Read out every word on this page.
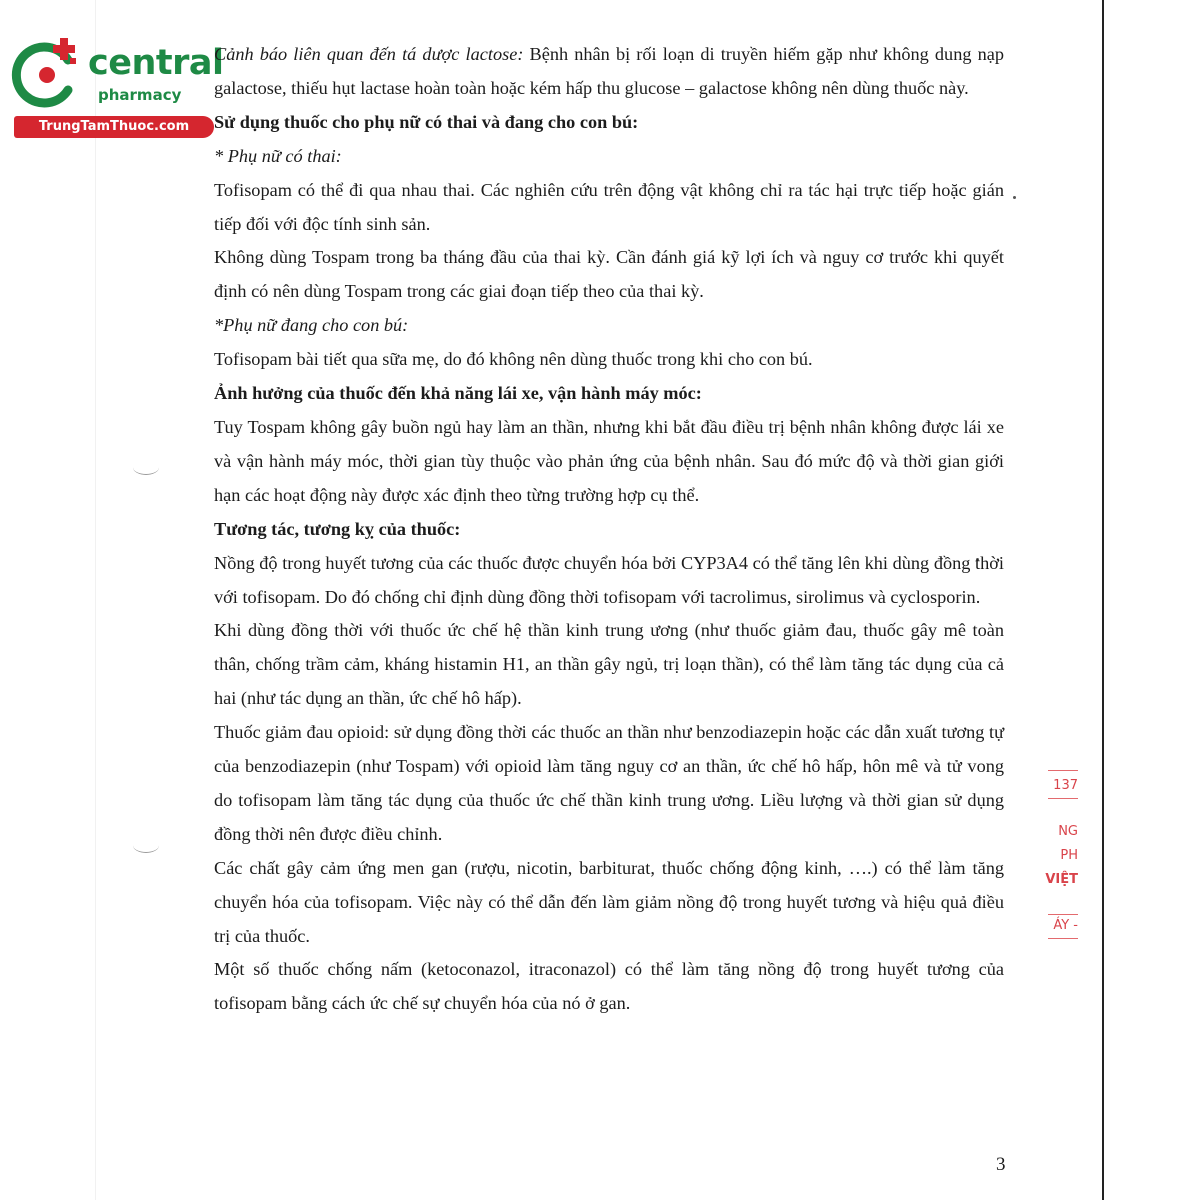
central
pharmacy
TrungTamThuoc.com

Cảnh báo liên quan đến tá dược lactose: Bệnh nhân bị rối loạn di truyền hiếm gặp như không dung nạp galactose, thiếu hụt lactase hoàn toàn hoặc kém hấp thu glucose – galactose không nên dùng thuốc này.

Sử dụng thuốc cho phụ nữ có thai và đang cho con bú:

* Phụ nữ có thai:

Tofisopam có thể đi qua nhau thai. Các nghiên cứu trên động vật không chỉ ra tác hại trực tiếp hoặc gián tiếp đối với độc tính sinh sản.

Không dùng Tospam trong ba tháng đầu của thai kỳ. Cần đánh giá kỹ lợi ích và nguy cơ trước khi quyết định có nên dùng Tospam trong các giai đoạn tiếp theo của thai kỳ.

*Phụ nữ đang cho con bú:

Tofisopam bài tiết qua sữa mẹ, do đó không nên dùng thuốc trong khi cho con bú.

Ảnh hưởng của thuốc đến khả năng lái xe, vận hành máy móc:

Tuy Tospam không gây buồn ngủ hay làm an thần, nhưng khi bắt đầu điều trị bệnh nhân không được lái xe và vận hành máy móc, thời gian tùy thuộc vào phản ứng của bệnh nhân. Sau đó mức độ và thời gian giới hạn các hoạt động này được xác định theo từng trường hợp cụ thể.

Tương tác, tương kỵ của thuốc:

Nồng độ trong huyết tương của các thuốc được chuyển hóa bởi CYP3A4 có thể tăng lên khi dùng đồng thời với tofisopam. Do đó chống chỉ định dùng đồng thời tofisopam với tacrolimus, sirolimus và cyclosporin.

Khi dùng đồng thời với thuốc ức chế hệ thần kinh trung ương (như thuốc giảm đau, thuốc gây mê toàn thân, chống trầm cảm, kháng histamin H1, an thần gây ngủ, trị loạn thần), có thể làm tăng tác dụng của cả hai (như tác dụng an thần, ức chế hô hấp).

Thuốc giảm đau opioid: sử dụng đồng thời các thuốc an thần như benzodiazepin hoặc các dẫn xuất tương tự của benzodiazepin (như Tospam) với opioid làm tăng nguy cơ an thần, ức chế hô hấp, hôn mê và tử vong do tofisopam làm tăng tác dụng của thuốc ức chế thần kinh trung ương. Liều lượng và thời gian sử dụng đồng thời nên được điều chỉnh.

Các chất gây cảm ứng men gan (rượu, nicotin, barbiturat, thuốc chống động kinh, ….) có thể làm tăng chuyển hóa của tofisopam. Việc này có thể dẫn đến làm giảm nồng độ trong huyết tương và hiệu quả điều trị của thuốc.

Một số thuốc chống nấm (ketoconazol, itraconazol) có thể làm tăng nồng độ trong huyết tương của tofisopam bằng cách ức chế sự chuyển hóa của nó ở gan.

137
NG
PH
VIỆT
ÁY -
3
